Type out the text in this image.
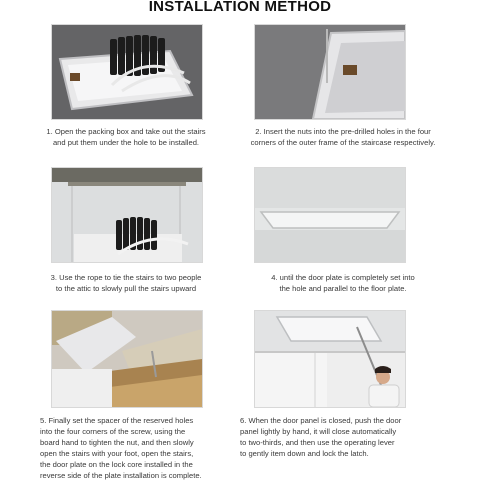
INSTALLATION METHOD
1. Open the packing box and take out the stairs
and put them under the hole to be installed.
2. Insert the nuts into the pre-drilled holes in the four
corners of the outer frame of the staircase respectively.
3. Use the rope to tie the stairs to two people
to the attic to slowly pull the stairs upward
4. until the door plate is completely set into
the hole and parallel to the floor plate.
5. Finally set the spacer of the reserved holes
into the four corners of the screw, using the
board hand to tighten the nut, and then slowly
open the stairs with your foot, open the stairs,
the door plate on the lock core installed in the
reverse side of the plate installation is complete.
6. When the door panel is closed, push the door
panel lightly by hand, it will close automatically
to two-thirds, and then use the operating lever
to gently item down and lock the latch.
